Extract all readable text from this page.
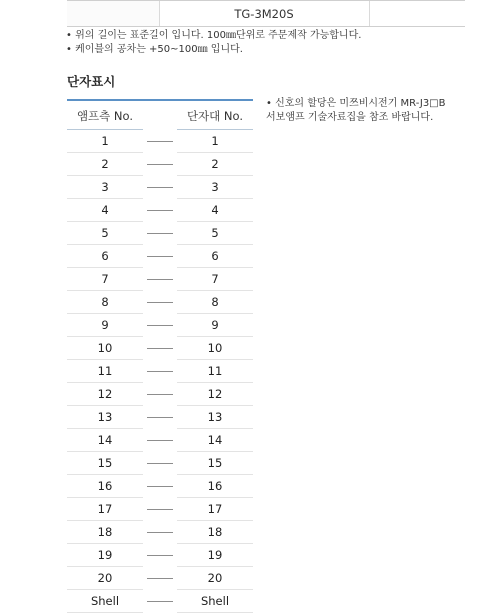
TG-3M20S
• 위의 길이는 표준길이 입니다. 100㎜단위로 주문제작 가능합니다.
• 케이블의 공차는 +50~100㎜ 입니다.
단자표시
앰프측 No.	단자대 No.
1	1
2	2
3	3
4	4
5	5
6	6
7	7
8	8
9	9
10	10
11	11
12	12
13	13
14	14
15	15
16	16
17	17
18	18
19	19
20	20
Shell	Shell
• 신호의 할당은 미쯔비시전기 MR-J3□B
서보앰프 기술자료집을 참조 바랍니다.
